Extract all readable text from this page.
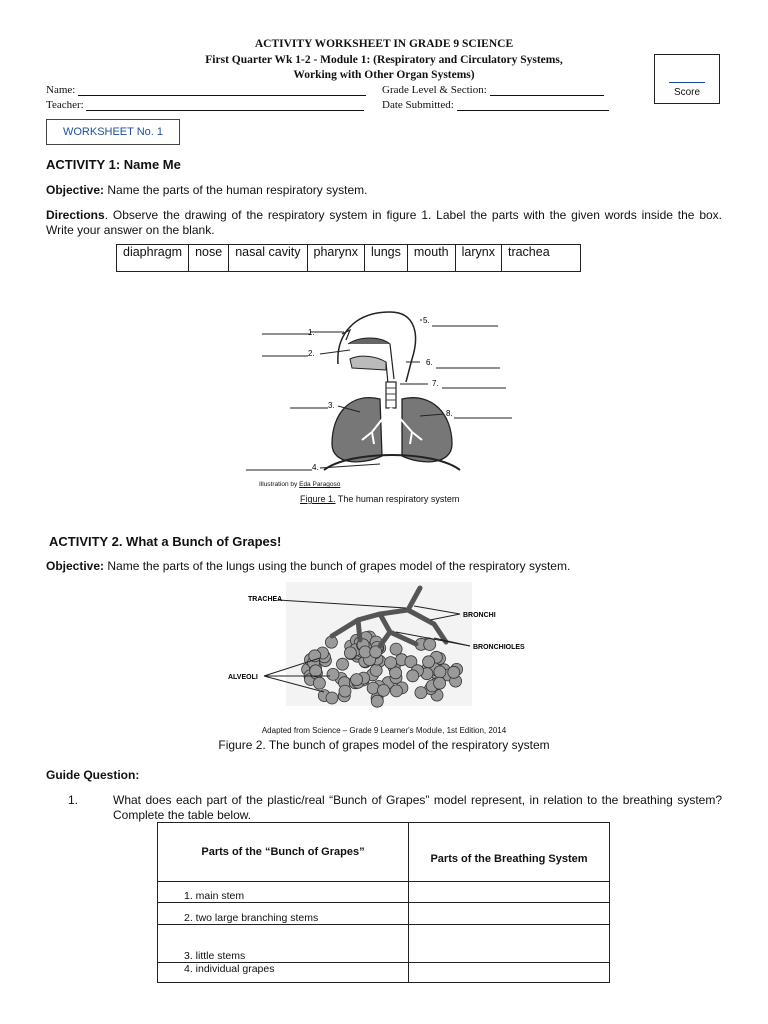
ACTIVITY WORKSHEET IN GRADE 9 SCIENCE
First Quarter Wk 1-2 - Module 1: (Respiratory and Circulatory Systems,
Working with Other Organ Systems)
Name:	Grade Level & Section:
Teacher:	Date Submitted:
Score
WORKSHEET No. 1
ACTIVITY 1: Name Me
Objective: Name the parts of the human respiratory system.
Directions. Observe the drawing of the respiratory system in figure 1. Label the parts with the given words inside the box. Write your answer on the blank.
diaphragm	nose	nasal cavity	pharynx	lungs	mouth	larynx	trachea
1.
2.
3.
4.
5.
6.
7.
8.
Illustration by Eda Paragoso
Figure 1. The human respiratory system
ACTIVITY 2. What a Bunch of Grapes!
Objective: Name the parts of the lungs using the bunch of grapes model of the respiratory system.
TRACHEA
BRONCHI
BRONCHIOLES
ALVEOLI
Adapted from Science – Grade 9 Learner's Module, 1st Edition, 2014
Figure 2. The bunch of grapes model of the respiratory system
Guide Question:
1.	What does each part of the plastic/real “Bunch of Grapes” model represent, in relation to the breathing system? Complete the table below.
Parts of the “Bunch of Grapes”	Parts of the Breathing System
1. main stem	
2. two large branching stems	
3. little stems	
4. individual grapes	
